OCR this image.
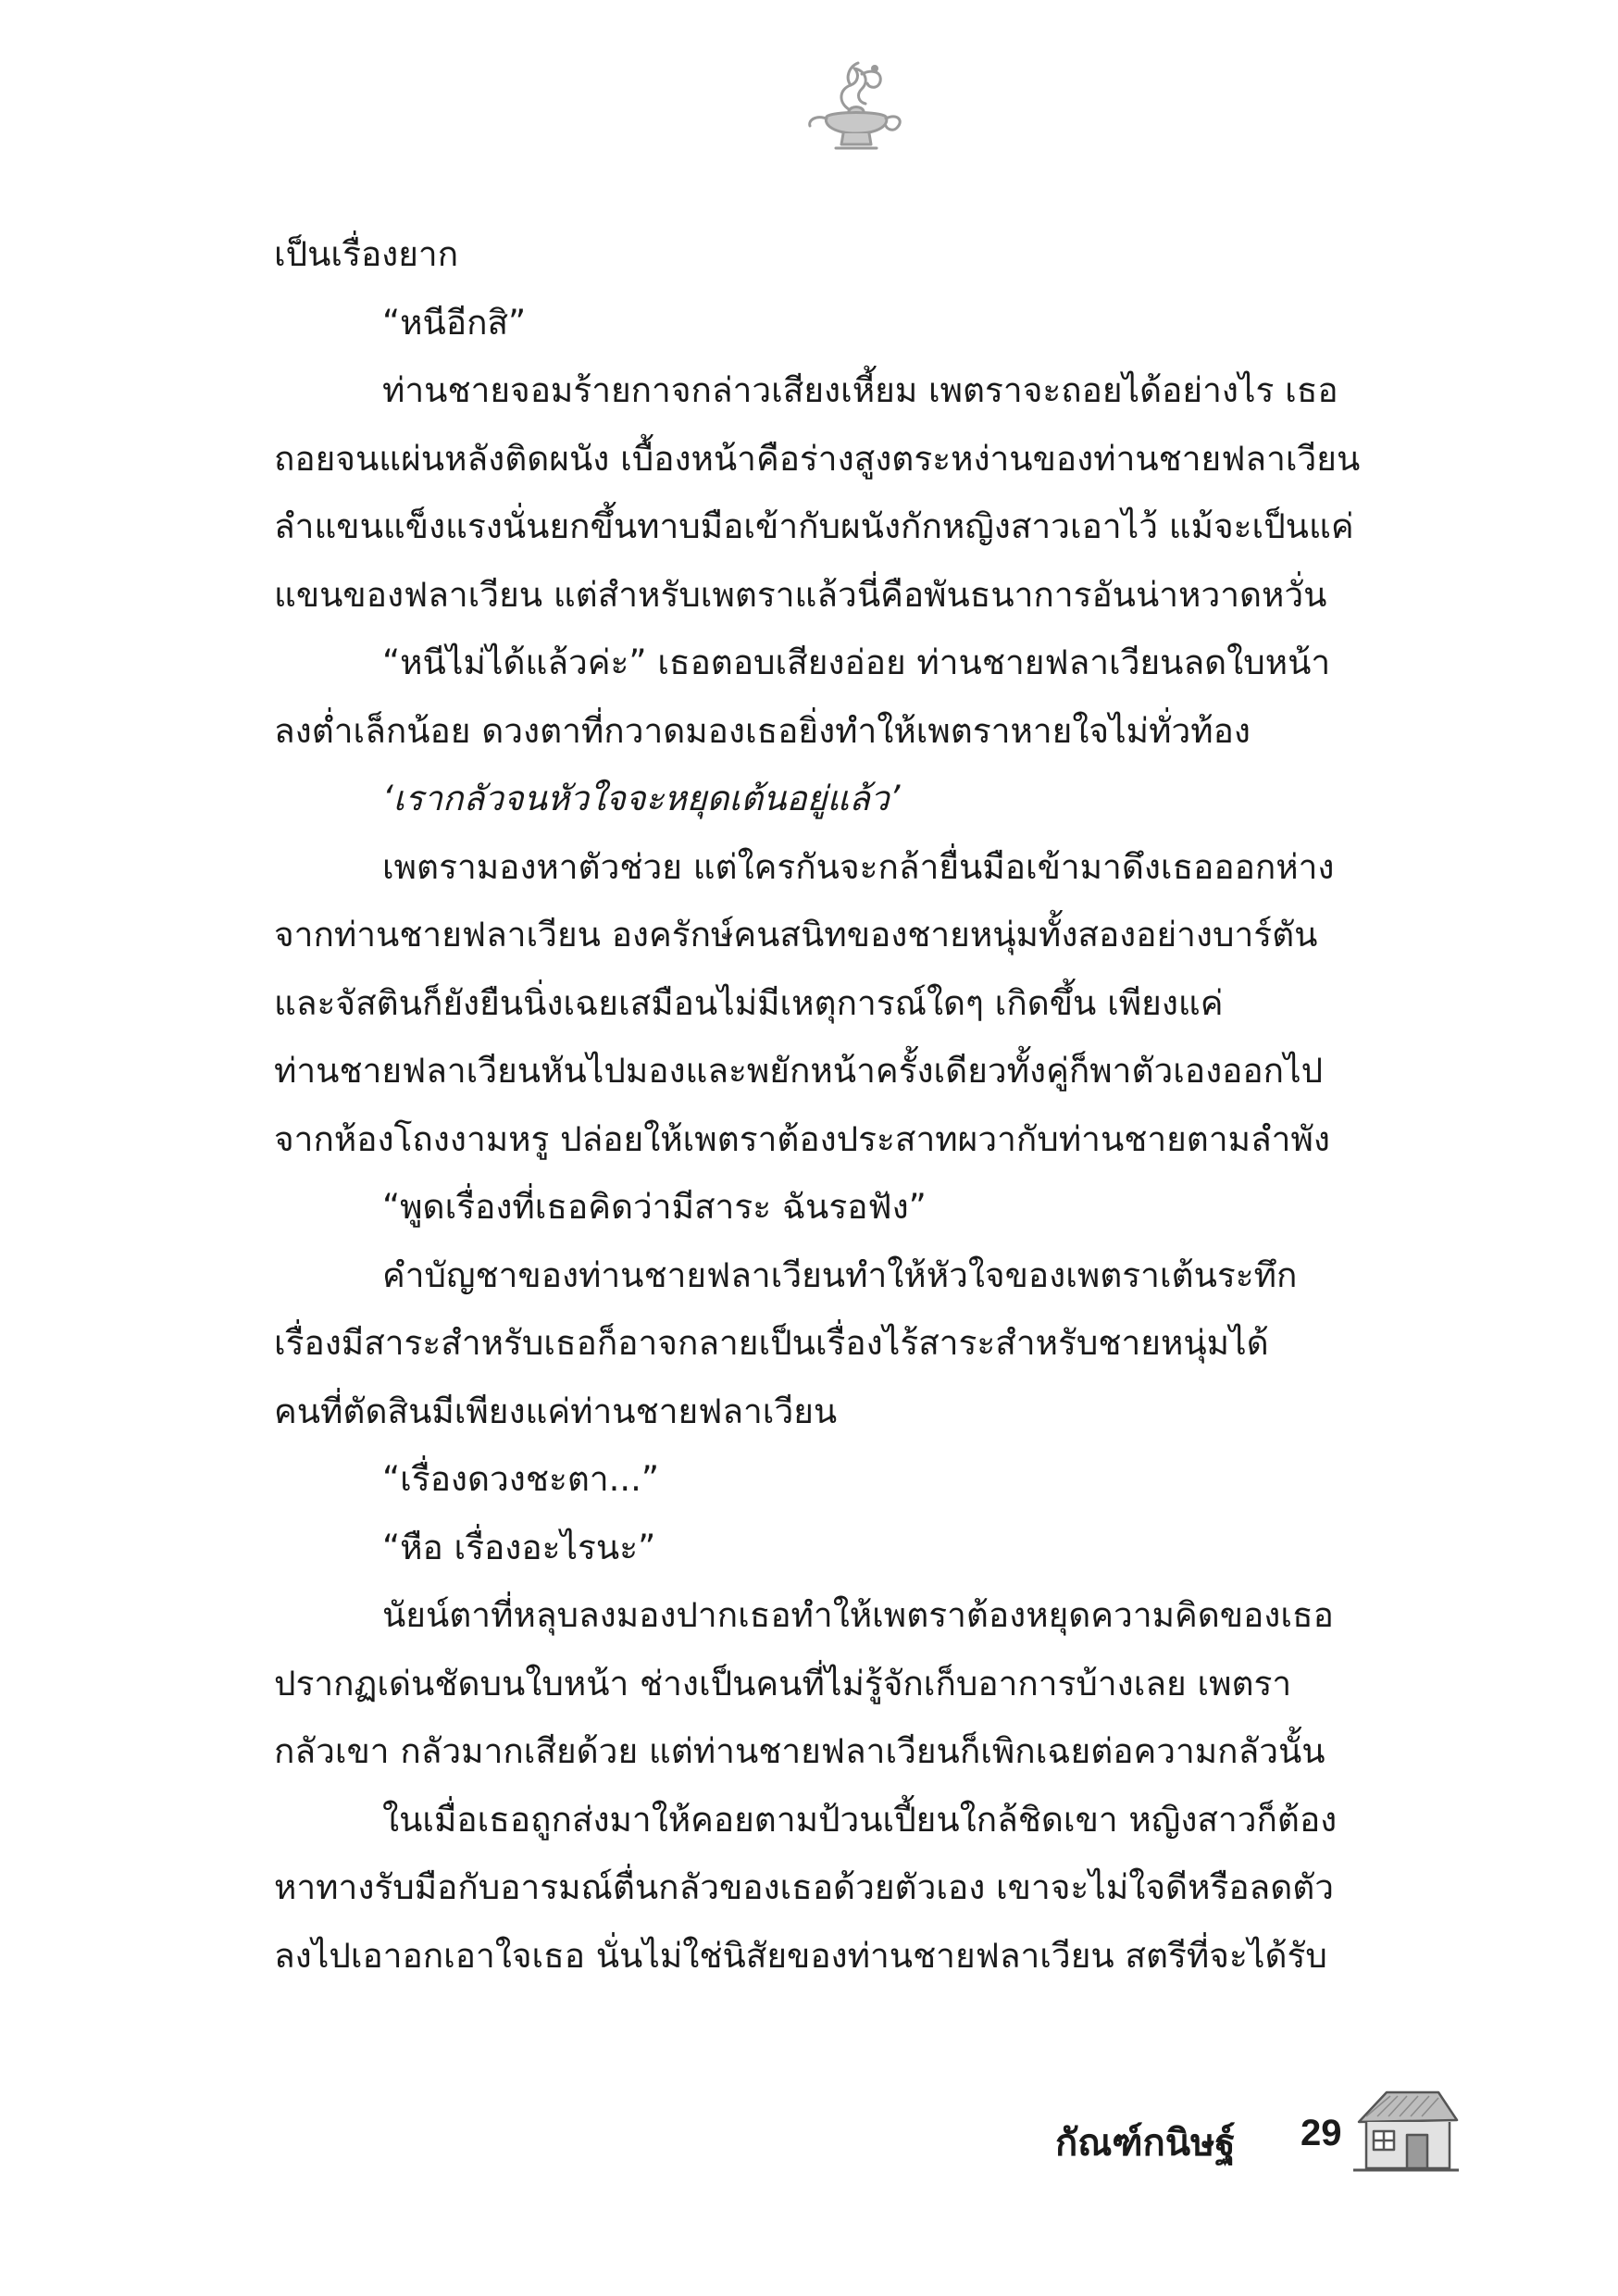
เป็นเรื่องยาก
“หนีอีกสิ”
ท่านชายจอมร้ายกาจกล่าวเสียงเหี้ยม เพตราจะถอยได้อย่างไร เธอ
ถอยจนแผ่นหลังติดผนัง เบื้องหน้าคือร่างสูงตระหง่านของท่านชายฟลาเวียน
ลำแขนแข็งแรงนั่นยกขึ้นทาบมือเข้ากับผนังกักหญิงสาวเอาไว้ แม้จะเป็นแค่
แขนของฟลาเวียน แต่สำหรับเพตราแล้วนี่คือพันธนาการอันน่าหวาดหวั่น
“หนีไม่ได้แล้วค่ะ” เธอตอบเสียงอ่อย ท่านชายฟลาเวียนลดใบหน้า
ลงต่ำเล็กน้อย ดวงตาที่กวาดมองเธอยิ่งทำให้เพตราหายใจไม่ทั่วท้อง
‘เรากลัวจนหัวใจจะหยุดเต้นอยู่แล้ว’
เพตรามองหาตัวช่วย แต่ใครกันจะกล้ายื่นมือเข้ามาดึงเธอออกห่าง
จากท่านชายฟลาเวียน องครักษ์คนสนิทของชายหนุ่มทั้งสองอย่างบาร์ตัน
และจัสตินก็ยังยืนนิ่งเฉยเสมือนไม่มีเหตุการณ์ใดๆ เกิดขึ้น เพียงแค่
ท่านชายฟลาเวียนหันไปมองและพยักหน้าครั้งเดียวทั้งคู่ก็พาตัวเองออกไป
จากห้องโถงงามหรู ปล่อยให้เพตราต้องประสาทผวากับท่านชายตามลำพัง
“พูดเรื่องที่เธอคิดว่ามีสาระ ฉันรอฟัง”
คำบัญชาของท่านชายฟลาเวียนทำให้หัวใจของเพตราเต้นระทึก
เรื่องมีสาระสำหรับเธอก็อาจกลายเป็นเรื่องไร้สาระสำหรับชายหนุ่มได้
คนที่ตัดสินมีเพียงแค่ท่านชายฟลาเวียน
“เรื่องดวงชะตา...”
“หือ เรื่องอะไรนะ”
นัยน์ตาที่หลุบลงมองปากเธอทำให้เพตราต้องหยุดความคิดของเธอ
ปรากฏเด่นชัดบนใบหน้า ช่างเป็นคนที่ไม่รู้จักเก็บอาการบ้างเลย เพตรา
กลัวเขา กลัวมากเสียด้วย แต่ท่านชายฟลาเวียนก็เพิกเฉยต่อความกลัวนั้น
ในเมื่อเธอถูกส่งมาให้คอยตามป้วนเปี้ยนใกล้ชิดเขา หญิงสาวก็ต้อง
หาทางรับมือกับอารมณ์ตื่นกลัวของเธอด้วยตัวเอง เขาจะไม่ใจดีหรือลดตัว
ลงไปเอาอกเอาใจเธอ นั่นไม่ใช่นิสัยของท่านชายฟลาเวียน สตรีที่จะได้รับ
กัณฑ์กนิษฐ์ 29
